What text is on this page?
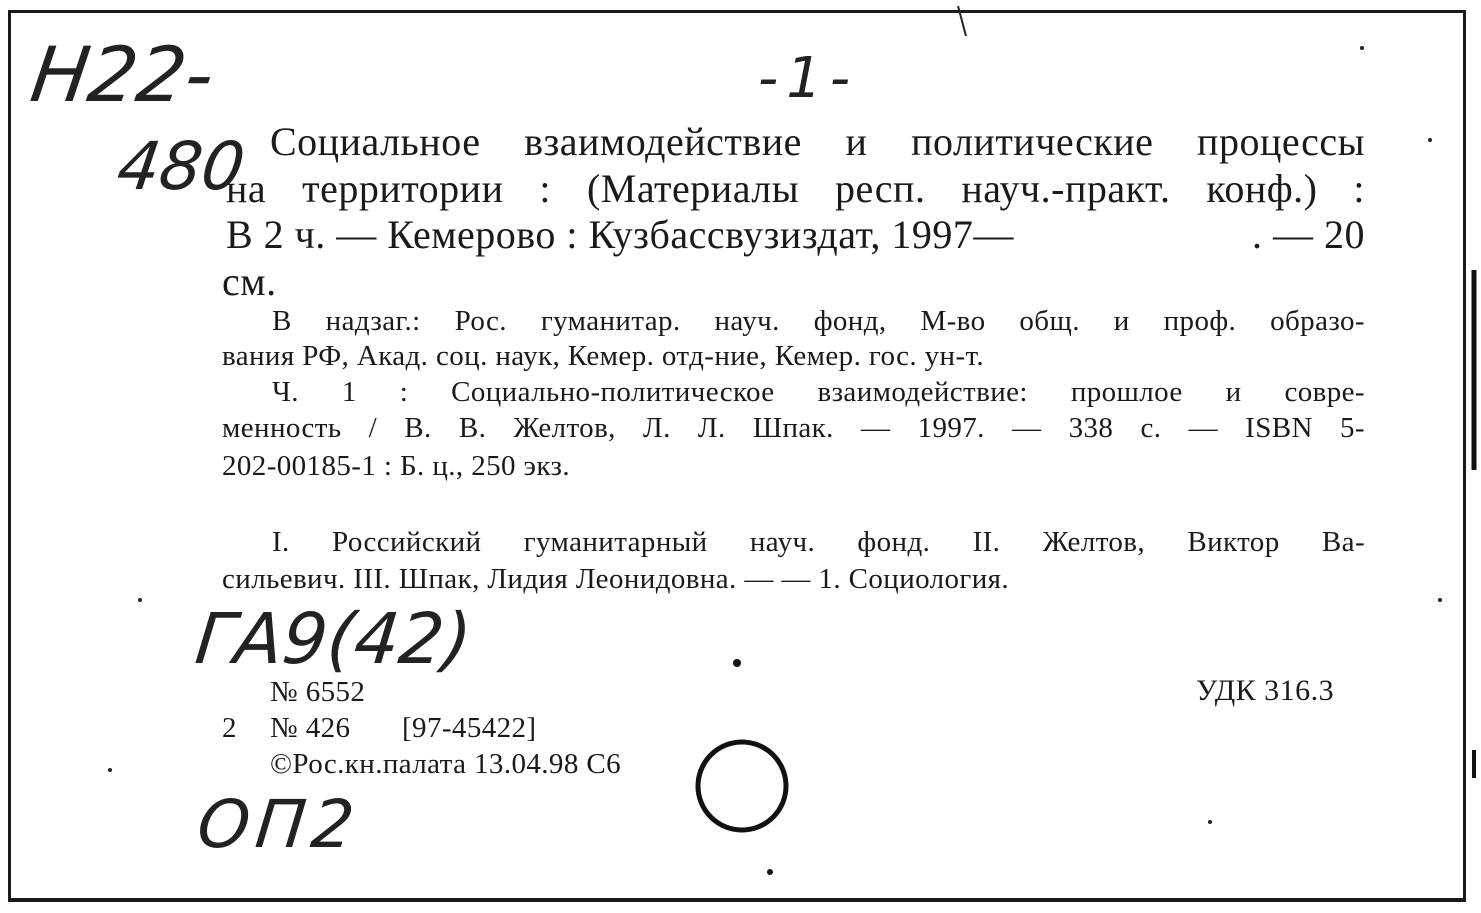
Н22-
480
-1-
Социальное взаимодействие и политические процессы
на территории : (Материалы респ. науч.-практ. конф.) :
В 2 ч. — Кемерово : Кузбассвузиздат, 1997—	. — 20
см.
В надзаг.: Рос. гуманитар. науч. фонд, М-во общ. и проф. образо-
вания РФ, Акад. соц. наук, Кемер. отд-ние, Кемер. гос. ун-т.
Ч. 1 : Социально-политическое взаимодействие: прошлое и совре-
менность / В. В. Желтов, Л. Л. Шпак. — 1997. — 338 с. — ISBN 5-
202-00185-1 : Б. ц., 250 экз.
I. Российский гуманитарный науч. фонд. II. Желтов, Виктор Ва-
сильевич. III. Шпак, Лидия Леонидовна. — — 1. Социология.
ГА9(42)
№ 6552	УДК 316.3
2 № 426 [97-45422]
©Рос.кн.палата 13.04.98 С6
ОП2
